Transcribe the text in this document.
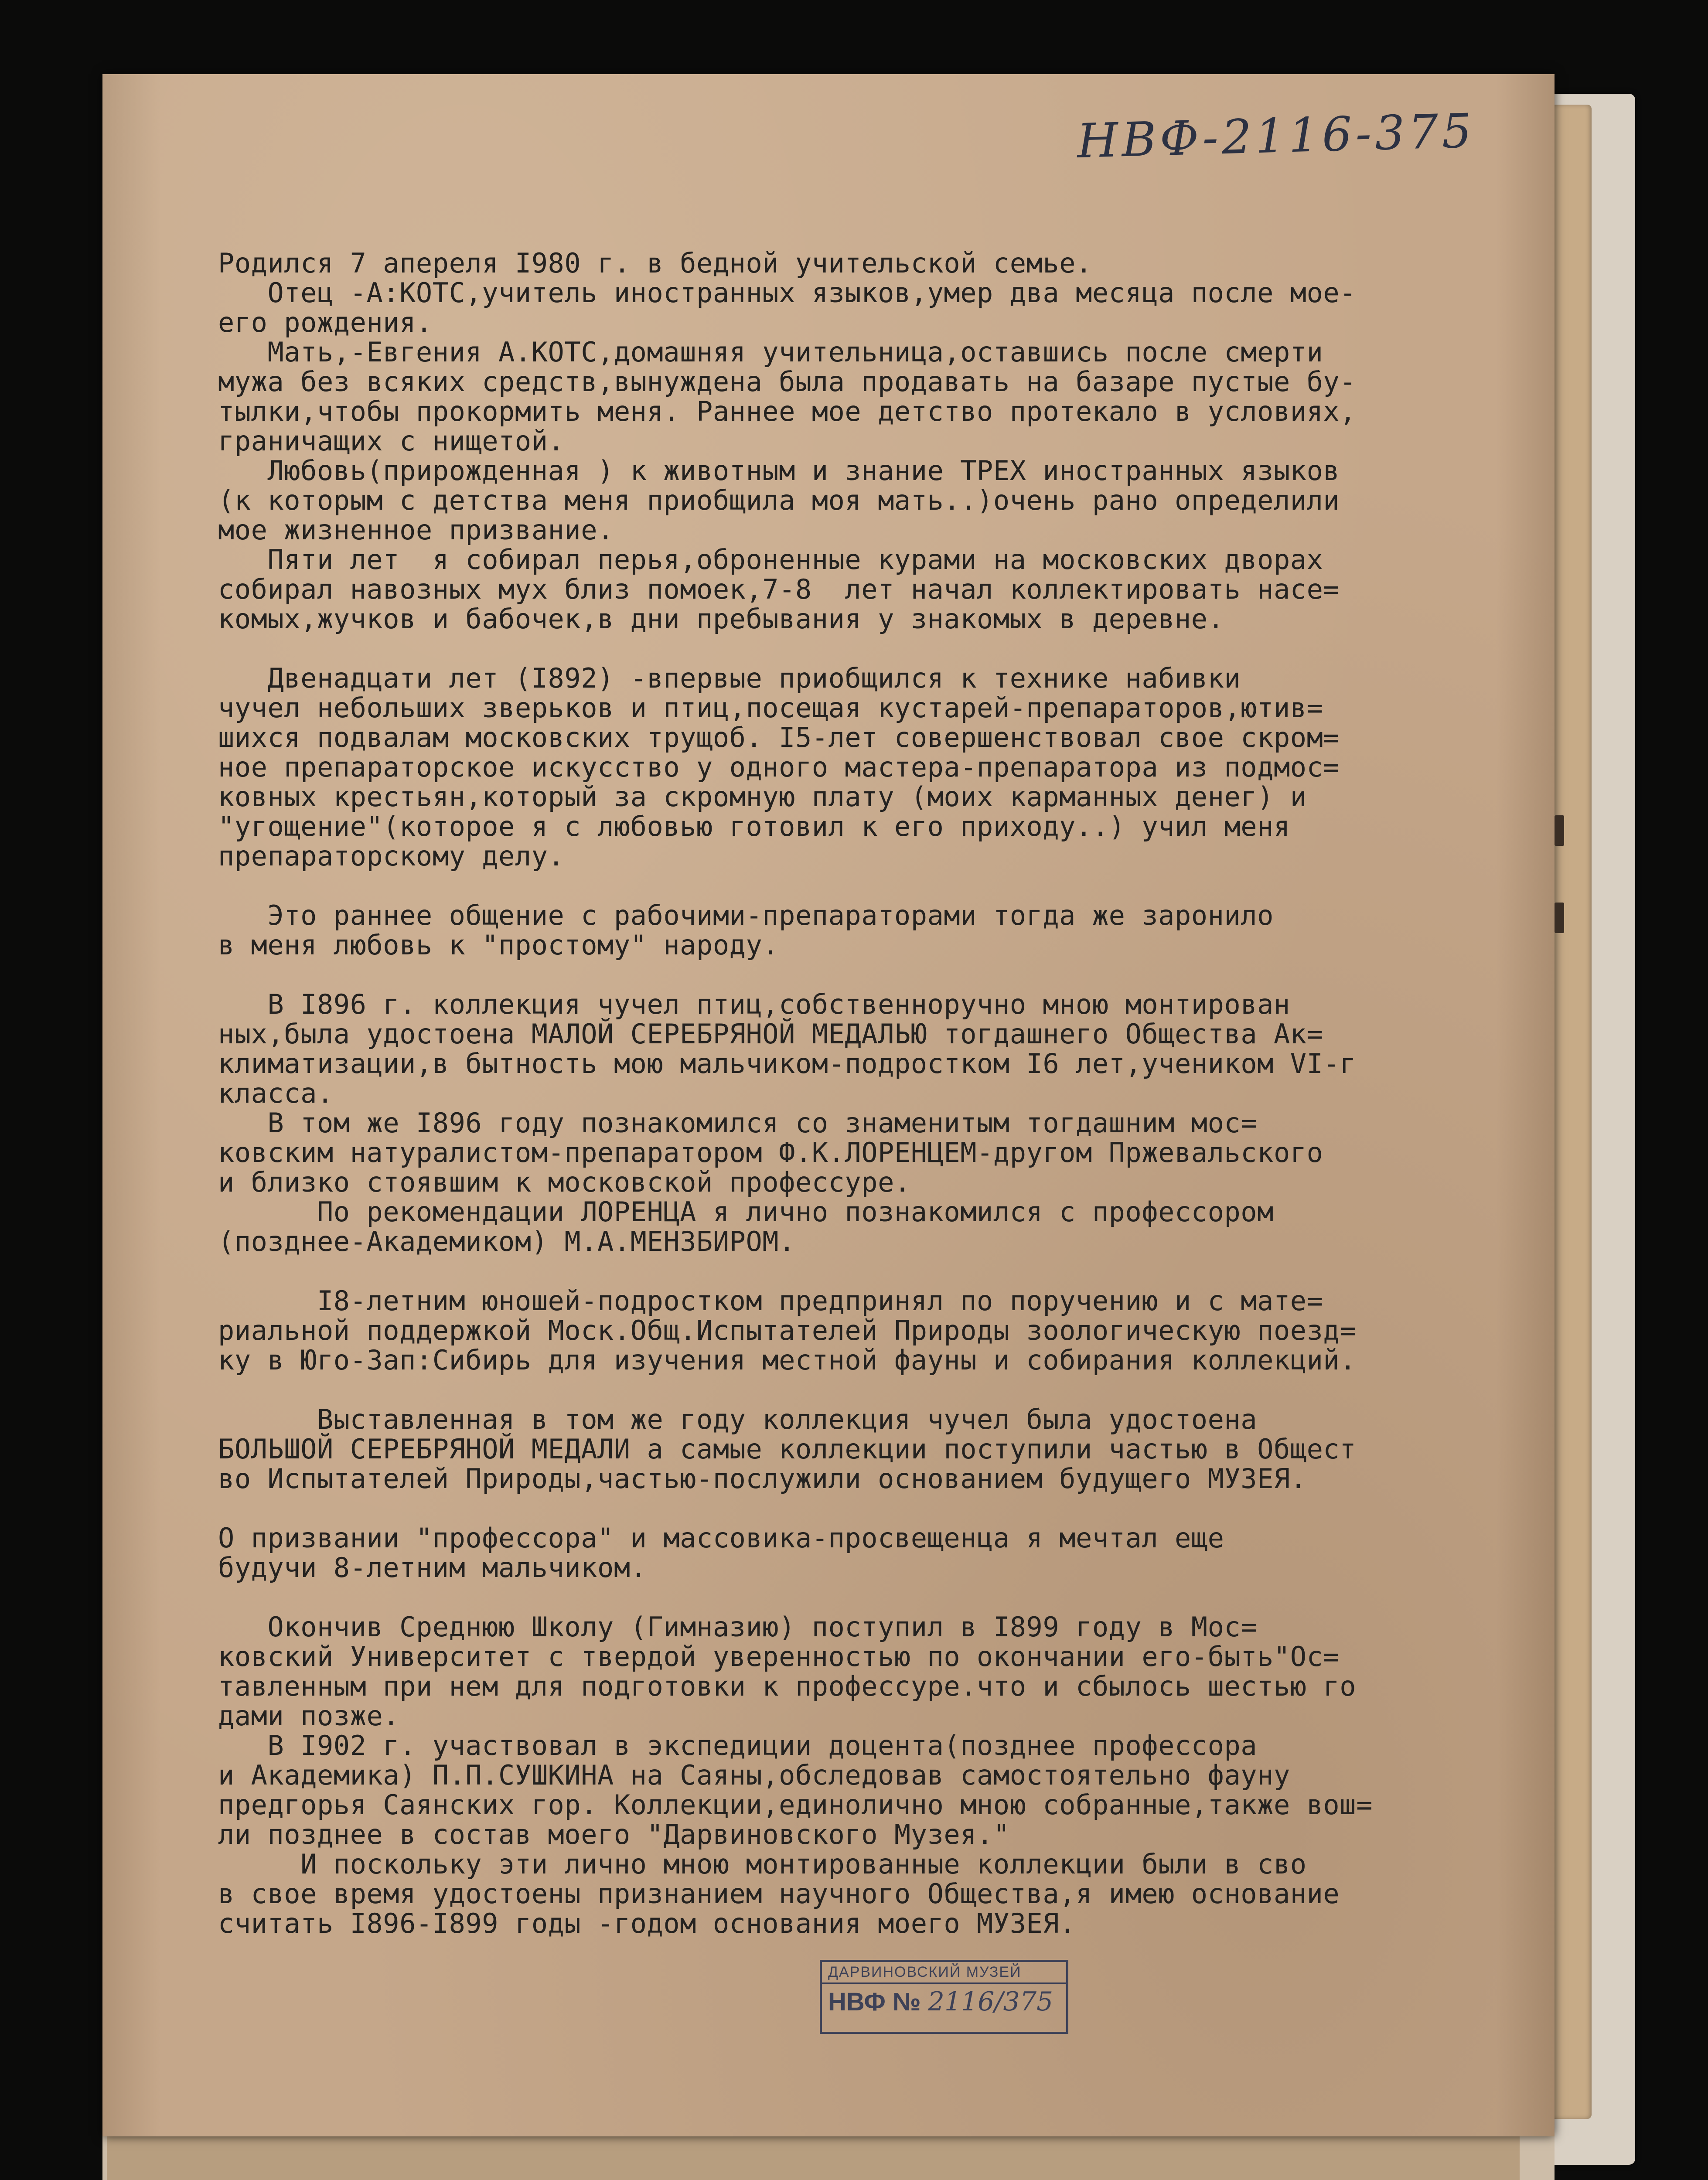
НВФ-2116-375
Родился 7 апереля I980 г. в бедной учительской семье.
Отец -А:КОТС,учитель иностранных языков,умер два месяца после мое-
его рождения.
Мать,-Евгения А.КОТС,домашняя учительница,оставшись после смерти
мужа без всяких средств,вынуждена была продавать на базаре пустые бу-
тылки,чтобы прокормить меня. Раннее мое детство протекало в условиях,
граничащих с нищетой.
Любовь(прирожденная ) к животным и знание ТРЕХ иностранных языков
(к которым с детства меня приобщила моя мать..)очень рано определили
мое жизненное призвание.
Пяти лет  я собирал перья,оброненные курами на московских дворах
собирал навозных мух близ помоек,7-8  лет начал коллектировать насе=
комых,жучков и бабочек,в дни пребывания у знакомых в деревне.
Двенадцати лет (I892) -впервые приобщился к технике набивки
чучел небольших зверьков и птиц,посещая кустарей-препараторов,ютив=
шихся подвалам московских трущоб. I5-лет совершенствовал свое скром=
ное препараторское искусство у одного мастера-препаратора из подмос=
ковных крестьян,который за скромную плату (моих карманных денег) и
"угощение"(которое я с любовью готовил к его приходу..) учил меня
препараторскому делу.
Это раннее общение с рабочими-препараторами тогда же заронило
в меня любовь к "простому" народу.
В I896 г. коллекция чучел птиц,собственноручно мною монтирован
ных,была удостоена МАЛОЙ СЕРЕБРЯНОЙ МЕДАЛЬЮ тогдашнего Общества Ак=
климатизации,в бытность мою мальчиком-подростком I6 лет,учеником VI-г
класса.
В том же I896 году познакомился со знаменитым тогдашним мос=
ковским натуралистом-препаратором Ф.К.ЛОРЕНЦЕМ-другом Пржевальского
и близко стоявшим к московской профессуре.
По рекомендации ЛОРЕНЦА я лично познакомился с профессором
(позднее-Академиком) М.А.МЕНЗБИРОМ.
I8-летним юношей-подростком предпринял по поручению и с мате=
риальной поддержкой Моск.Общ.Испытателей Природы зоологическую поезд=
ку в Юго-Зап:Сибирь для изучения местной фауны и собирания коллекций.
Выставленная в том же году коллекция чучел была удостоена
БОЛЬШОЙ СЕРЕБРЯНОЙ МЕДАЛИ а самые коллекции поступили частью в Общест
во Испытателей Природы,частью-послужили основанием будущего МУЗЕЯ.
О призвании "профессора" и массовика-просвещенца я мечтал еще
будучи 8-летним мальчиком.
Окончив Среднюю Школу (Гимназию) поступил в I899 году в Мос=
ковский Университет с твердой уверенностью по окончании его-быть"Ос=
тавленным при нем для подготовки к профессуре.что и сбылось шестью го
дами позже.
В I902 г. участвовал в экспедиции доцента(позднее профессора
и Академика) П.П.СУШКИНА на Саяны,обследовав самостоятельно фауну
предгорья Саянских гор. Коллекции,единолично мною собранные,также вош=
ли позднее в состав моего "Дарвиновского Музея."
И поскольку эти лично мною монтированные коллекции были в сво
в свое время удостоены признанием научного Общества,я имею основание
считать I896-I899 годы -годом основания моего МУЗЕЯ.
ДАРВИНОВСКИЙ МУЗЕЙ
НВФ № 2116/375
